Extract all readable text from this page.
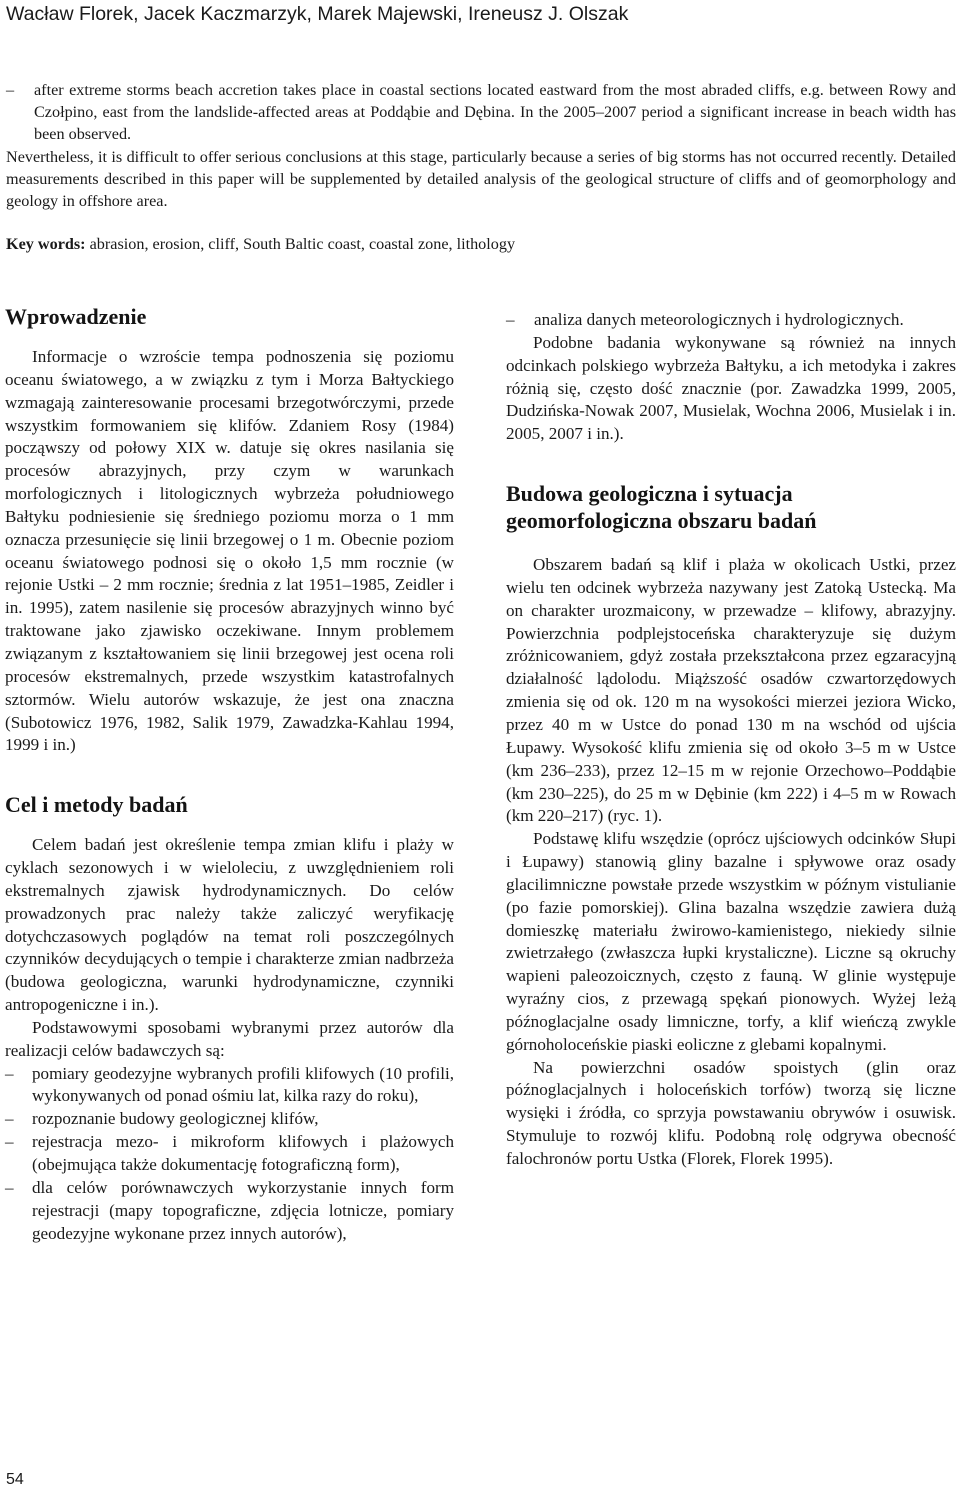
Wacław Florek, Jacek Kaczmarzyk, Marek Majewski, Ireneusz J. Olszak

– after extreme storms beach accretion takes place in coastal sections located eastward from the most abraded cliffs, e.g. between Rowy and Czołpino, east from the landslide-affected areas at Poddąbie and Dębina. In the 2005–2007 period a significant increase in beach width has been observed.

Nevertheless, it is difficult to offer serious conclusions at this stage, particularly because a series of big storms has not occurred recently. Detailed measurements described in this paper will be supplemented by detailed analysis of the geological structure of cliffs and of geomorphology and geology in offshore area.

Key words: abrasion, erosion, cliff, South Baltic coast, coastal zone, lithology
Wprowadzenie

Informacje o wzroście tempa podnoszenia się poziomu oceanu światowego, a w związku z tym i Morza Bałtyckiego wzmagają zainteresowanie procesami brzegotwórczymi, przede wszystkim formowaniem się klifów. Zdaniem Rosy (1984) począwszy od połowy XIX w. datuje się okres nasilania się procesów abrazyjnych, przy czym w warunkach morfologicznych i litologicznych wybrzeża południowego Bałtyku podniesienie się średniego poziomu morza o 1 mm oznacza przesunięcie się linii brzegowej o 1 m. Obecnie poziom oceanu światowego podnosi się o około 1,5 mm rocznie (w rejonie Ustki – 2 mm rocznie; średnia z lat 1951–1985, Zeidler i in. 1995), zatem nasilenie się procesów abrazyjnych winno być traktowane jako zjawisko oczekiwane. Innym problemem związanym z kształtowaniem się linii brzegowej jest ocena roli procesów ekstremalnych, przede wszystkim katastrofalnych sztormów. Wielu autorów wskazuje, że jest ona znaczna (Subotowicz 1976, 1982, Salik 1979, Zawadzka-Kahlau 1994, 1999 i in.)

Cel i metody badań

Celem badań jest określenie tempa zmian klifu i plaży w cyklach sezonowych i w wieloleciu, z uwzględnieniem roli ekstremalnych zjawisk hydrodynamicznych. Do celów prowadzonych prac należy także zaliczyć weryfikację dotychczasowych poglądów na temat roli poszczególnych czynników decydujących o tempie i charakterze zmian nadbrzeża (budowa geologiczna, warunki hydrodynamiczne, czynniki antropogeniczne i in.).

Podstawowymi sposobami wybranymi przez autorów dla realizacji celów badawczych są:

– pomiary geodezyjne wybranych profili klifowych (10 profili, wykonywanych od ponad ośmiu lat, kilka razy do roku),
– rozpoznanie budowy geologicznej klifów,
– rejestracja mezo- i mikroform klifowych i plażowych (obejmująca także dokumentację fotograficzną form),
– dla celów porównawczych wykorzystanie innych form rejestracji (mapy topograficzne, zdjęcia lotnicze, pomiary geodezyjne wykonane przez innych autorów),
– analiza danych meteorologicznych i hydrologicznych.

Podobne badania wykonywane są również na innych odcinkach polskiego wybrzeża Bałtyku, a ich metodyka i zakres różnią się, często dość znacznie (por. Zawadzka 1999, 2005, Dudzińska-Nowak 2007, Musielak, Wochna 2006, Musielak i in. 2005, 2007 i in.).

Budowa geologiczna i sytuacja geomorfologiczna obszaru badań

Obszarem badań są klif i plaża w okolicach Ustki, przez wielu ten odcinek wybrzeża nazywany jest Zatoką Ustecką. Ma on charakter urozmaicony, w przewadze – klifowy, abrazyjny. Powierzchnia podplejstoceńska charakteryzuje się dużym zróżnicowaniem, gdyż została przekształcona przez egzaracyjną działalność lądolodu. Miąższość osadów czwartorzędowych zmienia się od ok. 120 m na wysokości mierzei jeziora Wicko, przez 40 m w Ustce do ponad 130 m na wschód od ujścia Łupawy. Wysokość klifu zmienia się od około 3–5 m w Ustce (km 236–233), przez 12–15 m w rejonie Orzechowo–Poddąbie (km 230–225), do 25 m w Dębinie (km 222) i 4–5 m w Rowach (km 220–217) (ryc. 1).

Podstawę klifu wszędzie (oprócz ujściowych odcinków Słupi i Łupawy) stanowią gliny bazalne i spływowe oraz osady glacilimniczne powstałe przede wszystkim w późnym vistulianie (po fazie pomorskiej). Glina bazalna wszędzie zawiera dużą domieszkę materiału żwirowo-kamienistego, niekiedy silnie zwietrzałego (zwłaszcza łupki krystaliczne). Liczne są okruchy wapieni paleozoicznych, często z fauną. W glinie występuje wyraźny cios, z przewagą spękań pionowych. Wyżej leżą późnoglacjalne osady limniczne, torfy, a klif wieńczą zwykle górnoholoceńskie piaski eoliczne z glebami kopalnymi.

Na powierzchni osadów spoistych (glin oraz późnoglacjalnych i holoceńskich torfów) tworzą się liczne wysięki i źródła, co sprzyja powstawaniu obrywów i osuwisk. Stymuluje to rozwój klifu. Podobną rolę odgrywa obecność falochronów portu Ustka (Florek, Florek 1995).

54
